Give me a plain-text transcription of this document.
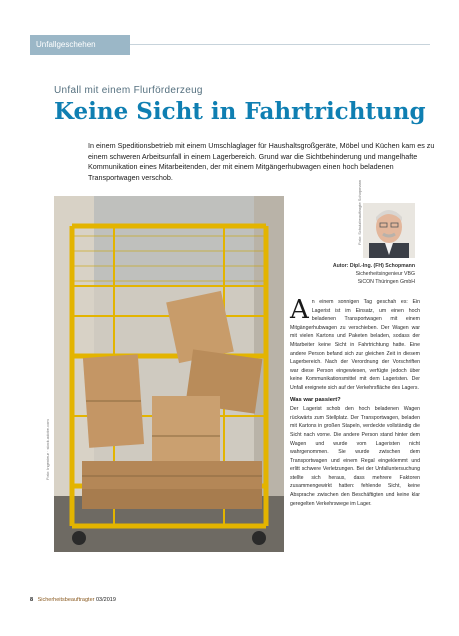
Unfallgeschehen
Unfall mit einem Flurförderzeug
Keine Sicht in Fahrtrichtung
In einem Speditionsbetrieb mit einem Umschlaglager für Haushaltsgroßgeräte, Möbel und Küchen kam es zu einem schweren Arbeitsunfall in einem Lagerbereich. Grund war die Sichtbehinderung und mangelhafte Kommunikation eines Mitarbeitenden, der mit einem Mitgängerhubwagen einen hoch beladenen Transportwagen verschob.
Foto: Ingenieur · stock.adobe.com
Foto: Schutzbeauftragte Schopmann
Autor: Dipl.-Ing. (FH) Schopmann
Sicherheitsingenieur VBG
SiCON Thüringen GmbH
A n einem sonnigen Tag geschah es: Ein Lagerist ist im Einsatz, um einen hoch beladenen Transportwagen mit einem Mitgängerhubwagen zu verschieben. Der Wagen war mit vielen Kartons und Paketen beladen, sodass der Mitarbeiter keine Sicht in Fahrtrichtung hatte. Eine andere Person befand sich zur gleichen Zeit in diesem Lagerbereich. Nach der Verordnung der Vorschriften war diese Person eingewiesen, verfügte jedoch über keine Kommunikationsmittel mit dem Lageristen. Der Unfall ereignete sich auf der Verkehrsfläche des Lagers.

Was war passiert?

Der Lagerist schob den hoch beladenen Wagen rückwärts zum Stellplatz. Der Transportwagen, beladen mit Kartons in großen Stapeln, verdeckte vollständig die Sicht nach vorne. Die andere Person stand hinter dem Wagen und wurde vom Lageristen nicht wahrgenommen. Sie wurde zwischen dem Transportwagen und einem Regal eingeklemmt und erlitt schwere Verletzungen. Bei der Unfalluntersuchung stellte sich heraus, dass mehrere Faktoren zusammengewirkt hatten: fehlende Sicht, keine Absprache zwischen den Beschäftigten und keine klar geregelten Verkehrswege im Lager.

8 Sicherheitsbeauftragter 03/2019
